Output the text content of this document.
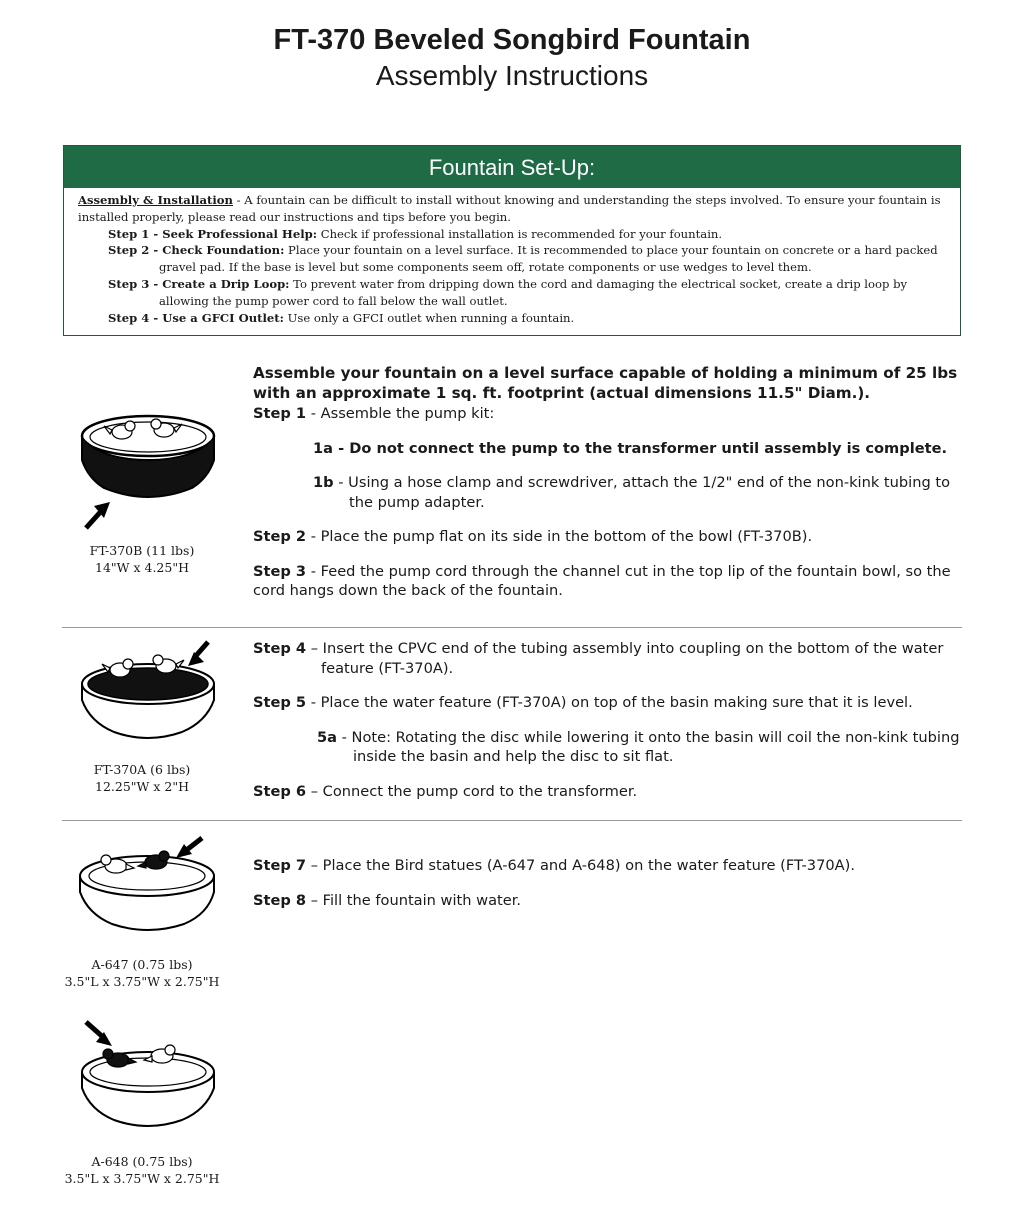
FT-370 Beveled Songbird Fountain
Assembly Instructions
Fountain Set-Up:

Assembly & Installation - A fountain can be difficult to install without knowing and understanding the steps involved. To ensure your fountain is installed properly, please read our instructions and tips before you begin.

Step 1 - Seek Professional Help: Check if professional installation is recommended for your fountain.

Step 2 - Check Foundation: Place your fountain on a level surface. It is recommended to place your fountain on concrete or a hard packed gravel pad. If the base is level but some components seem off, rotate components or use wedges to level them.

Step 3 - Create a Drip Loop: To prevent water from dripping down the cord and damaging the electrical socket, create a drip loop by allowing the pump power cord to fall below the wall outlet.

Step 4 - Use a GFCI Outlet: Use only a GFCI outlet when running a fountain.

Assemble your fountain on a level surface capable of holding a minimum of 25 lbs with an approximate 1 sq. ft. footprint (actual dimensions 11.5" Diam.).

Step 1 - Assemble the pump kit:

1a - Do not connect the pump to the transformer until assembly is complete.

1b - Using a hose clamp and screwdriver, attach the 1/2" end of the non-kink tubing to the pump adapter.

Step 2 - Place the pump flat on its side in the bottom of the bowl (FT-370B).

Step 3 - Feed the pump cord through the channel cut in the top lip of the fountain bowl, so the cord hangs down the back of the fountain.

FT-370B (11 lbs)

14"W x 4.25"H

Step 4 – Insert the CPVC end of the tubing assembly into coupling on the bottom of the water feature (FT-370A).

Step 5 - Place the water feature (FT-370A) on top of the basin making sure that it is level.

5a - Note: Rotating the disc while lowering it onto the basin will coil the non-kink tubing inside the basin and help the disc to sit flat.

Step 6 – Connect the pump cord to the transformer.

FT-370A (6 lbs)

12.25"W x 2"H

Step 7 – Place the Bird statues (A-647 and A-648) on the water feature (FT-370A).

Step 8 – Fill the fountain with water.

A-647 (0.75 lbs)

3.5"L x 3.75"W x 2.75"H

A-648 (0.75 lbs)

3.5"L x 3.75"W x 2.75"H
